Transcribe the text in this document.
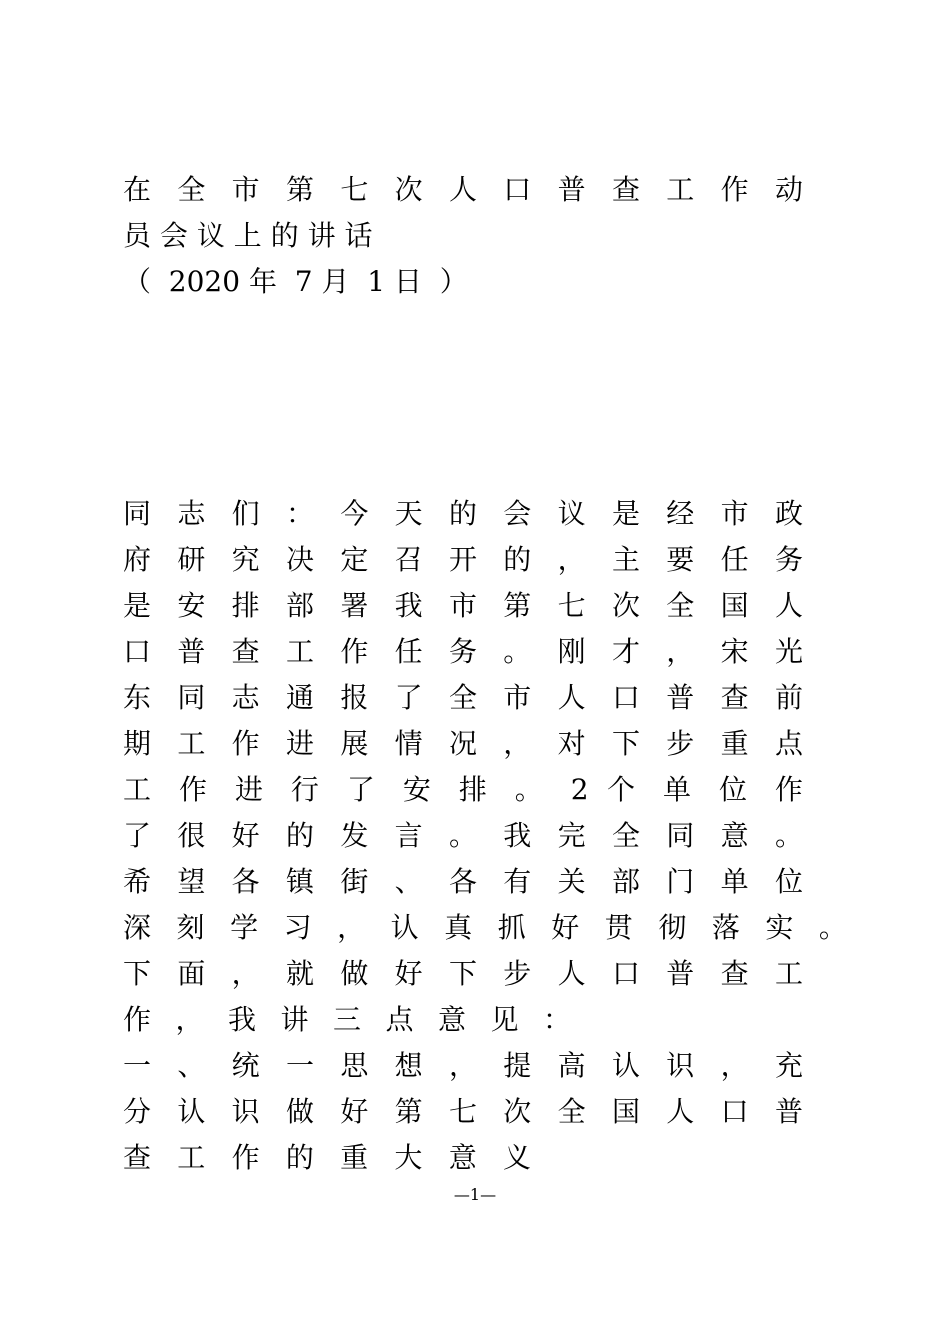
在 全 市 第 七 次 人 口 普 查 工 作 动
员 会 议 上 的 讲 话
（  2020 年  7 月  1 日  ）
同 志 们 ： 今 天 的 会 议 是 经 市 政
府 研 究 决 定 召 开 的 ， 主 要 任 务
是 安 排 部 署 我 市 第 七 次 全 国 人
口 普 查 工 作 任 务 。 刚 才 ， 宋 光
东 同 志 通 报 了 全 市 人 口 普 查 前
期 工 作 进 展 情 况 ， 对 下 步 重 点
工 作 进 行 了 安 排 。 2 个 单 位 作
了 很 好 的 发 言 。 我 完 全 同 意 。
希 望 各 镇 街 、 各 有 关 部 门 单 位
深 刻 学 习 ， 认 真 抓 好 贯 彻 落 实 。
下 面 ， 就 做 好 下 步 人 口 普 查 工
作 ， 我 讲 三 点 意 见 ：
一 、 统 一 思 想 ， 提 高 认 识 ， 充
分 认 识 做 好 第 七 次 全 国 人 口 普
查 工 作 的 重 大 意 义
—1—
